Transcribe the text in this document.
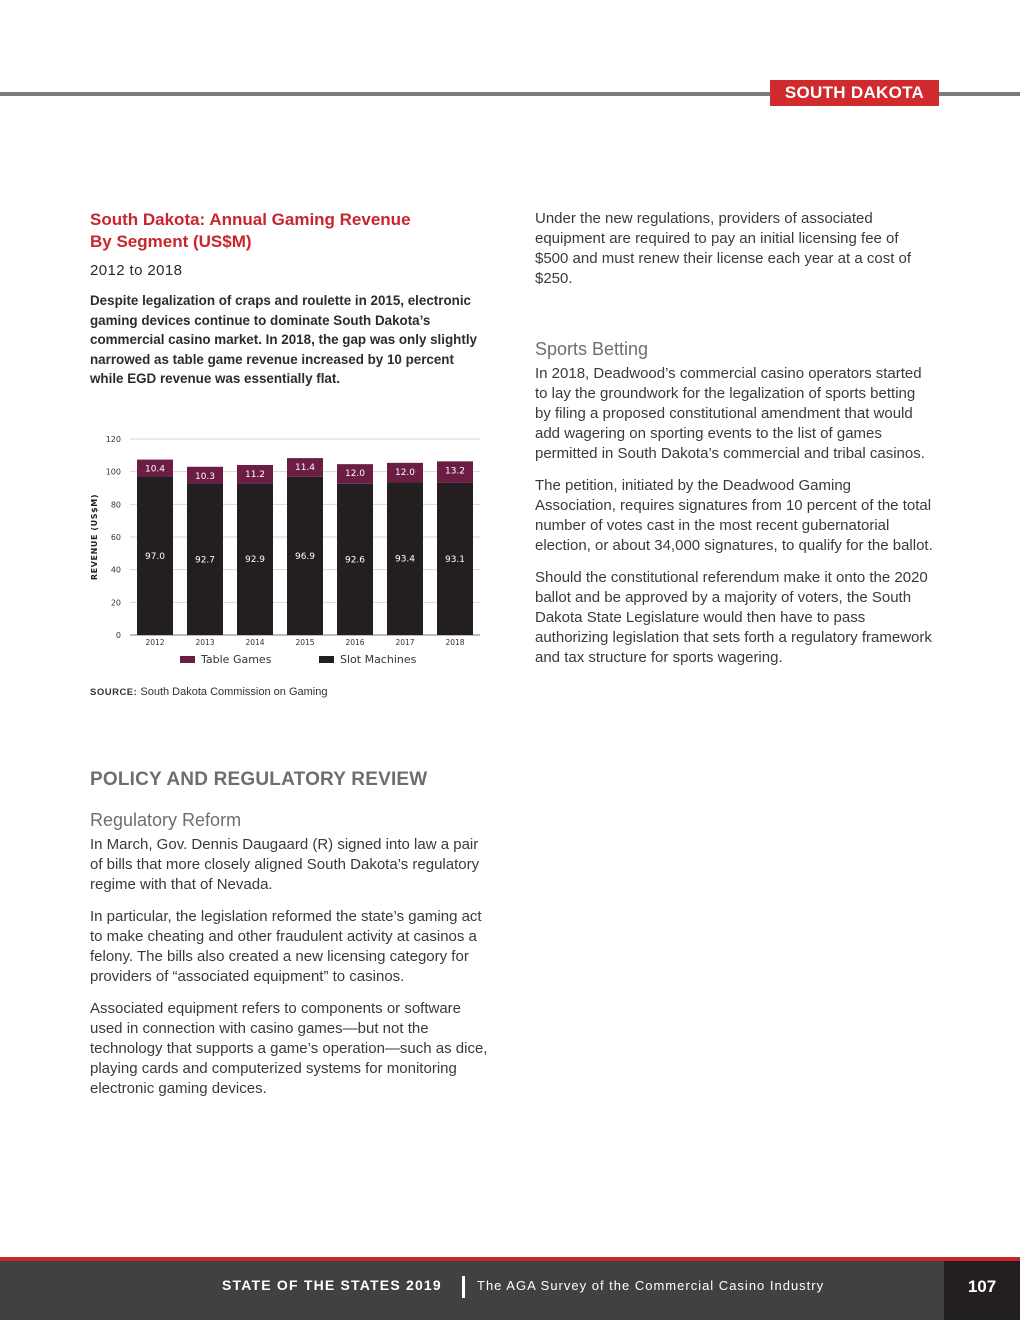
SOUTH DAKOTA
South Dakota: Annual Gaming Revenue By Segment (US$M)
2012 to 2018
Despite legalization of craps and roulette in 2015, electronic gaming devices continue to dominate South Dakota’s commercial casino market. In 2018, the gap was only slightly narrowed as table game revenue increased by 10 percent while EGD revenue was essentially flat.
0
20
40
60
80
100
120
REVENUE (US$M)	97.0
10.4
2012
92.7
10.3
2013
92.9
11.2
2014
96.9
11.4
2015
92.6
12.0
2016
93.4
12.0
2017
93.1
13.2
2018
Table Games	Slot Machines
SOURCE: South Dakota Commission on Gaming
POLICY AND REGULATORY REVIEW
Regulatory Reform

In March, Gov. Dennis Daugaard (R) signed into law a pair of bills that more closely aligned South Dakota’s regulatory regime with that of Nevada.

In particular, the legislation reformed the state’s gaming act to make cheating and other fraudulent activity at casinos a felony. The bills also created a new licensing category for providers of “associated equipment” to casinos.

Associated equipment refers to components or software used in connection with casino games—but not the technology that supports a game’s operation—such as dice, playing cards and computerized systems for monitoring electronic gaming devices.

Under the new regulations, providers of associated equipment are required to pay an initial licensing fee of $500 and must renew their license each year at a cost of $250.

Sports Betting

In 2018, Deadwood’s commercial casino operators started to lay the groundwork for the legalization of sports betting by filing a proposed constitutional amendment that would add wagering on sporting events to the list of games permitted in South Dakota’s commercial and tribal casinos.

The petition, initiated by the Deadwood Gaming Association, requires signatures from 10 percent of the total number of votes cast in the most recent gubernatorial election, or about 34,000 signatures, to qualify for the ballot.

Should the constitutional referendum make it onto the 2020 ballot and be approved by a majority of voters, the South Dakota State Legislature would then have to pass authorizing legislation that sets forth a regulatory framework and tax structure for sports wagering.

STATE OF THE STATES 2019	The AGA Survey of the Commercial Casino Industry	107
